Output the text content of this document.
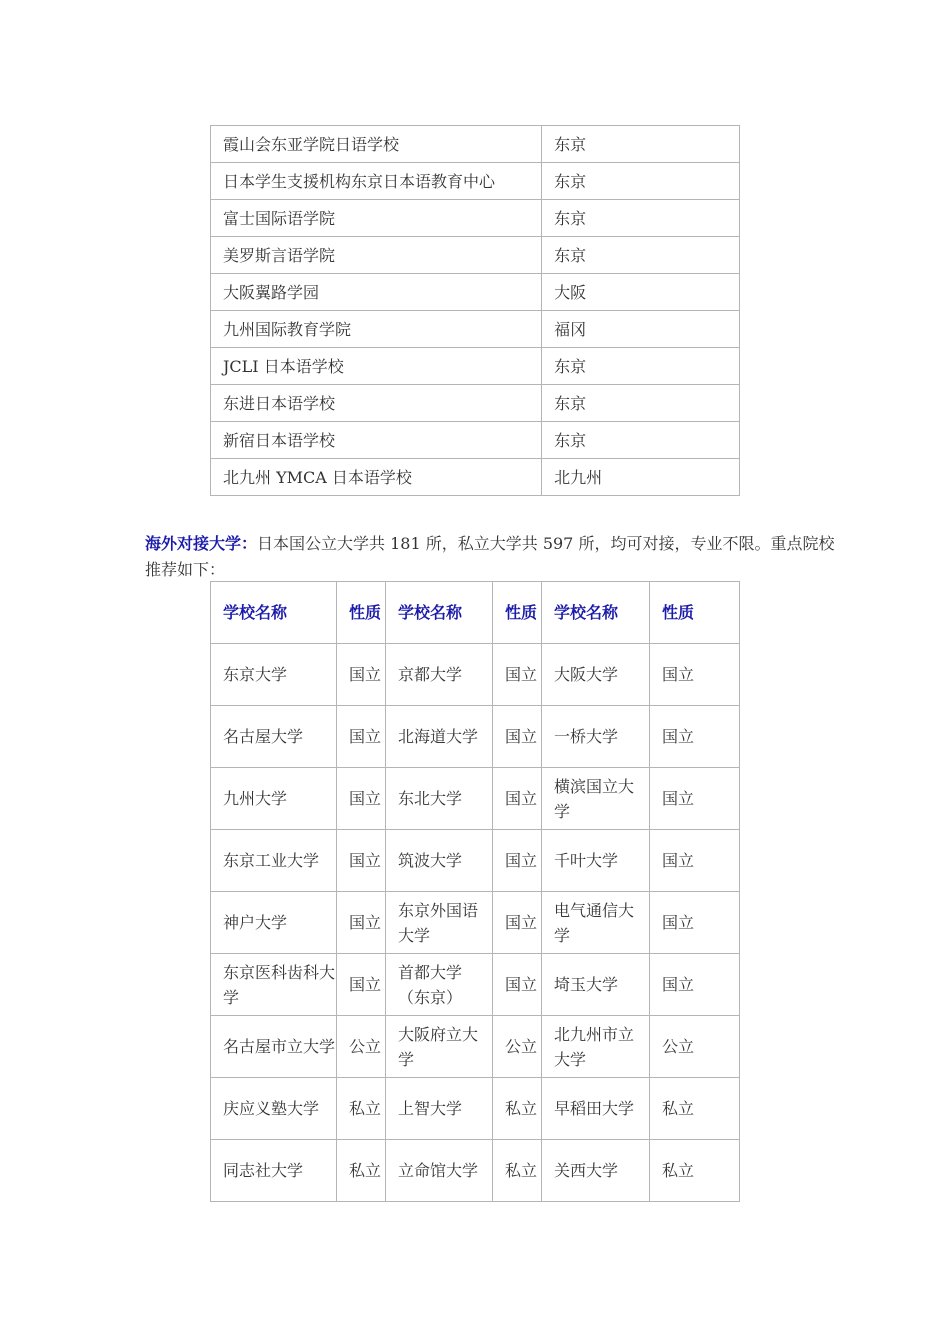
霞山会东亚学院日语学校	东京
日本学生支援机构东京日本语教育中心	东京
富士国际语学院	东京
美罗斯言语学院	东京
大阪翼路学园	大阪
九州国际教育学院	福冈
JCLI 日本语学校	东京
东进日本语学校	东京
新宿日本语学校	东京
北九州 YMCA 日本语学校	北九州

海外对接大学：日本国公立大学共 181 所，私立大学共 597 所，均可对接，专业不限。重点院校推荐如下：

学校名称	性质	学校名称	性质	学校名称	性质
东京大学	国立	京都大学	国立	大阪大学	国立
名古屋大学	国立	北海道大学	国立	一桥大学	国立
九州大学	国立	东北大学	国立	横滨国立大学	国立
东京工业大学	国立	筑波大学	国立	千叶大学	国立
神户大学	国立	东京外国语大学	国立	电气通信大学	国立
东京医科齿科大学	国立	首都大学（东京）	国立	埼玉大学	国立
名古屋市立大学	公立	大阪府立大学	公立	北九州市立大学	公立
庆应义塾大学	私立	上智大学	私立	早稻田大学	私立
同志社大学	私立	立命馆大学	私立	关西大学	私立
